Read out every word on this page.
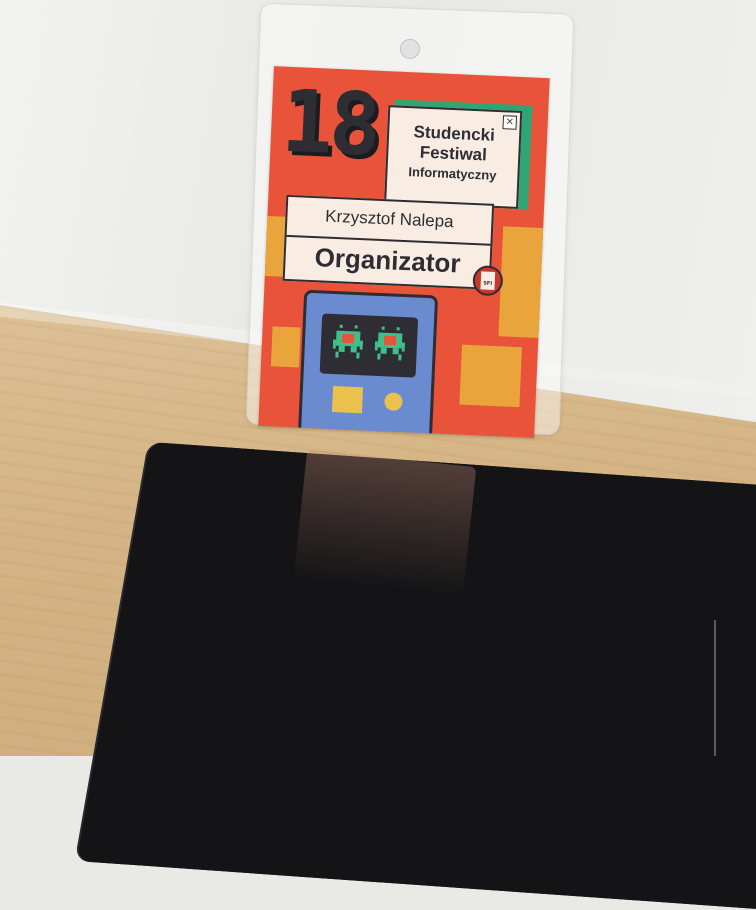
18	×
Studencki
Festiwal
Informatyczny
Krzysztof Nalepa
Organizator
SFI
